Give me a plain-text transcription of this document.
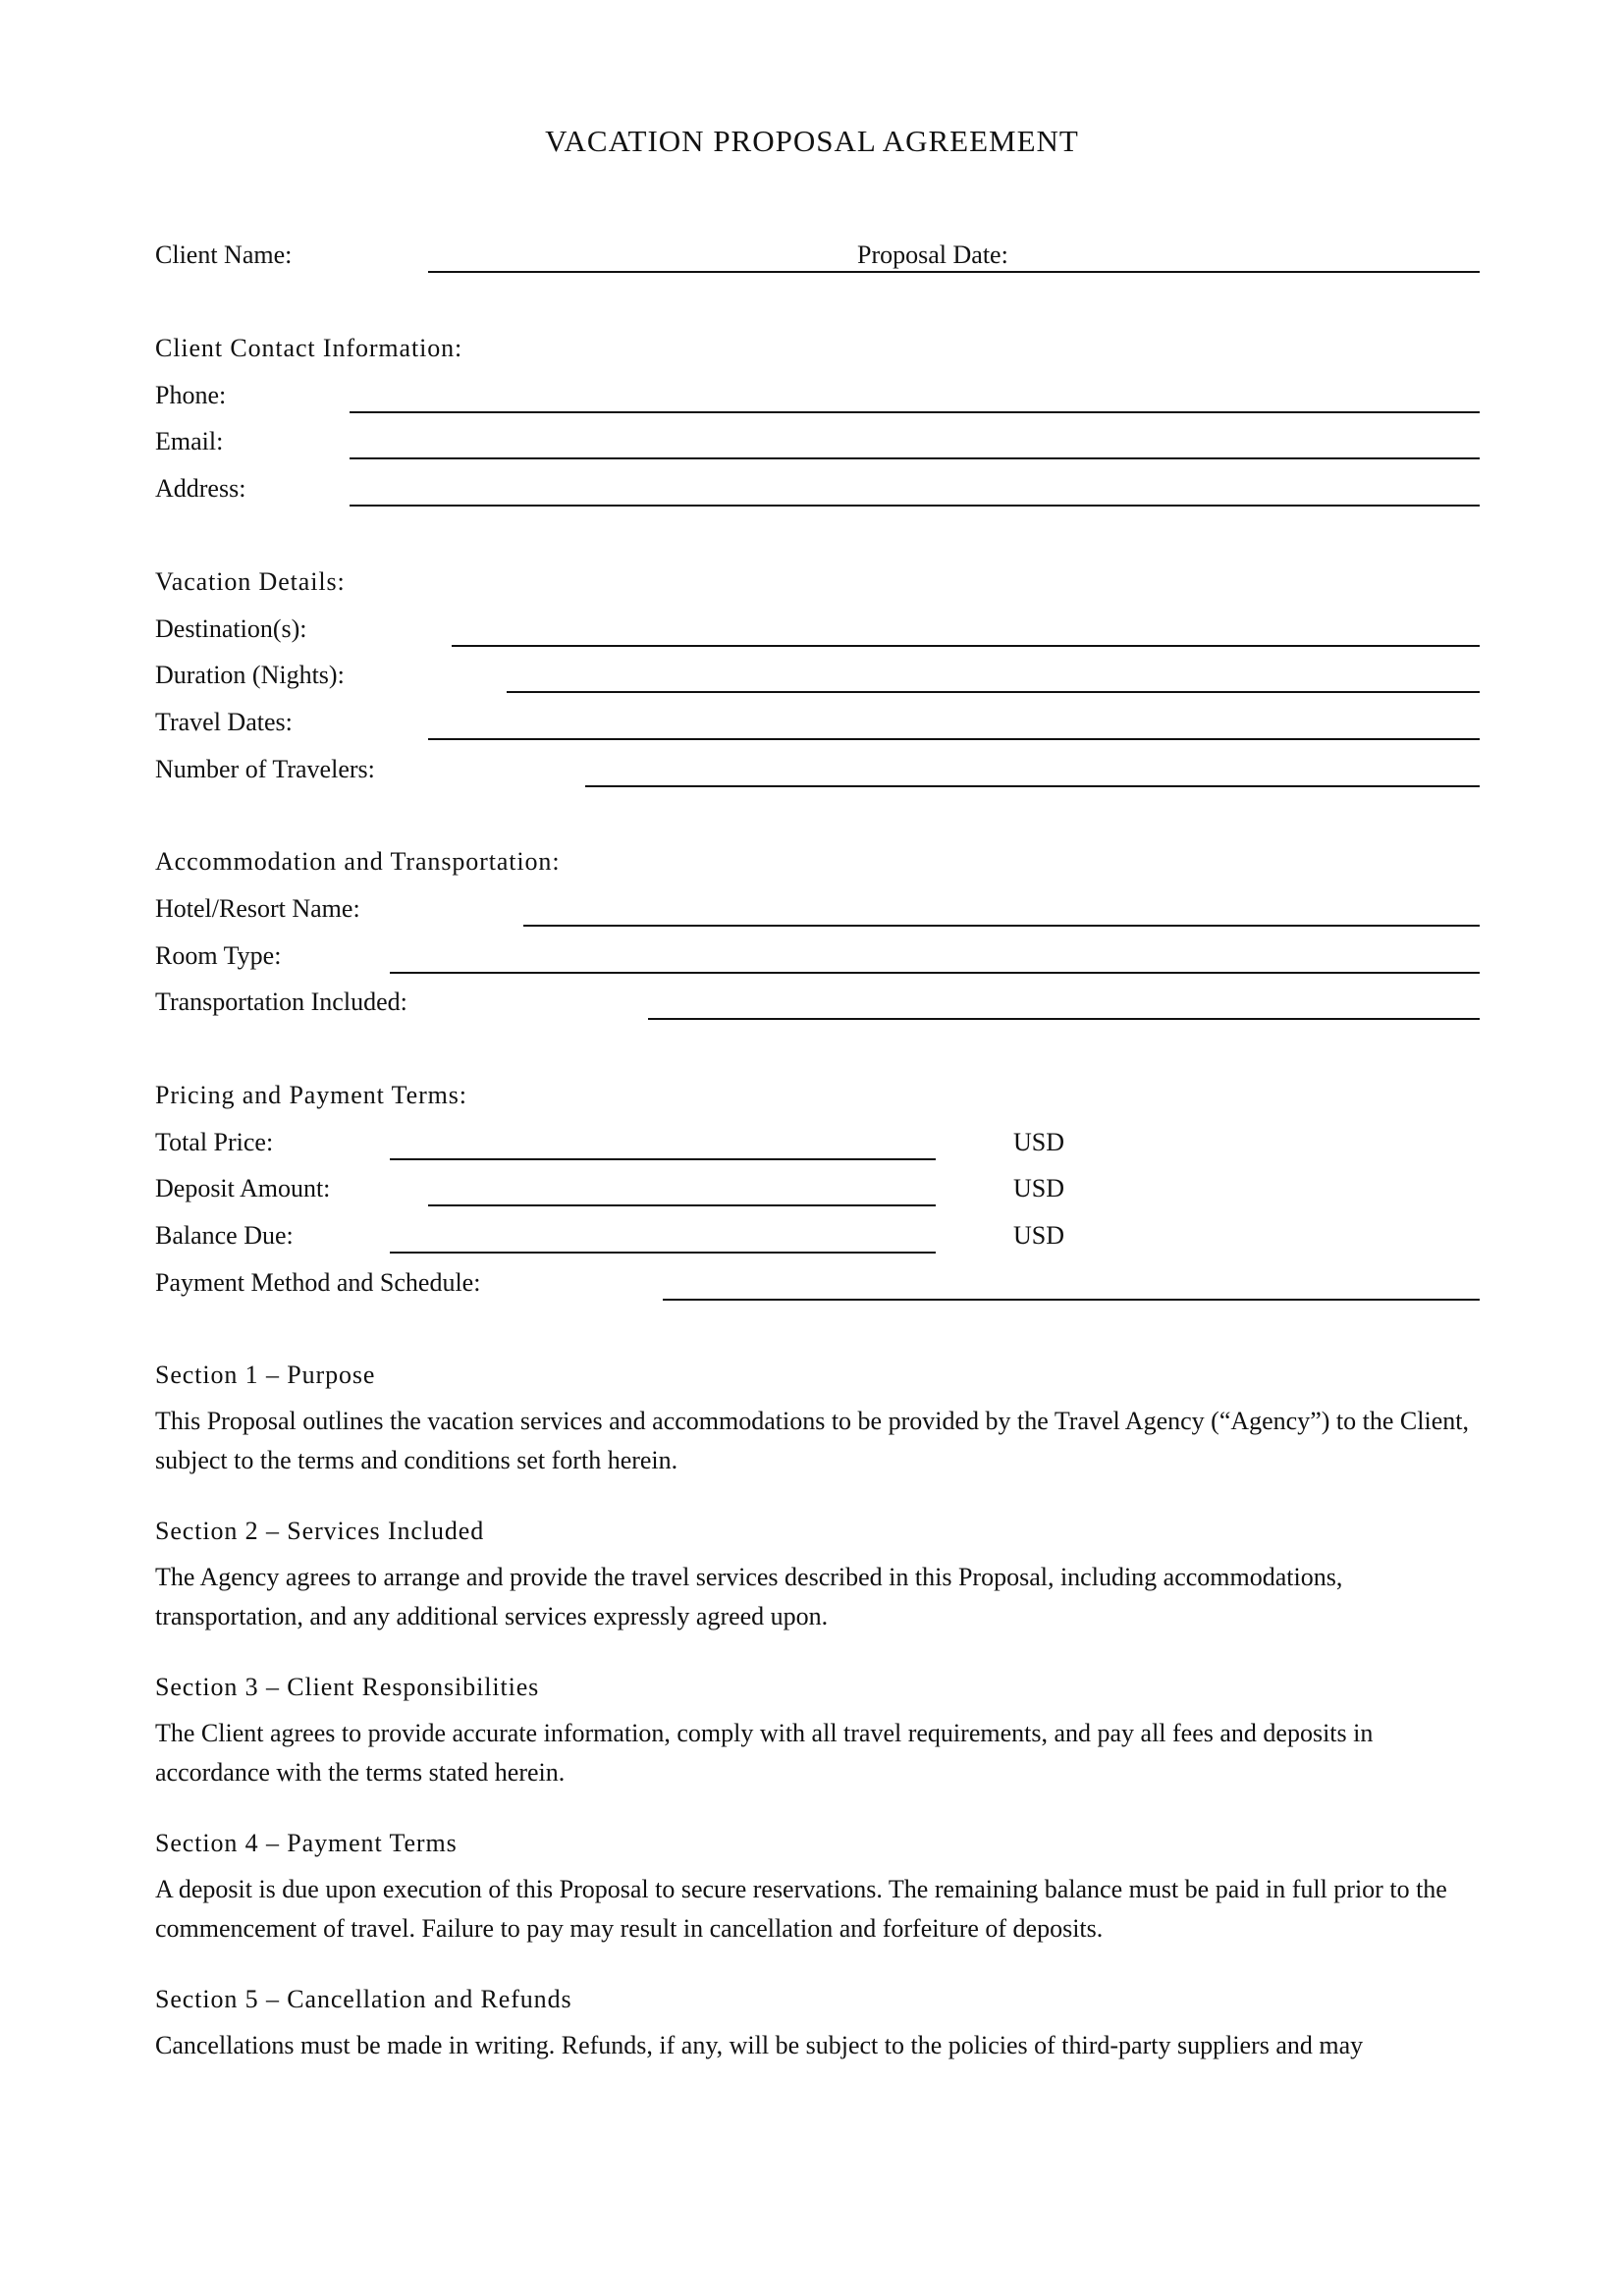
VACATION PROPOSAL AGREEMENT
Client Name:	Proposal Date:
Client Contact Information:
Phone:
Email:
Address:
Vacation Details:
Destination(s):
Duration (Nights):
Travel Dates:
Number of Travelers:
Accommodation and Transportation:
Hotel/Resort Name:
Room Type:
Transportation Included:
Pricing and Payment Terms:
Total Price:	USD
Deposit Amount:	USD
Balance Due:	USD
Payment Method and Schedule:
Section 1 – Purpose
This Proposal outlines the vacation services and accommodations to be provided by the Travel Agency (“Agency”) to the Client, subject to the terms and conditions set forth herein.
Section 2 – Services Included
The Agency agrees to arrange and provide the travel services described in this Proposal, including accommodations, transportation, and any additional services expressly agreed upon.
Section 3 – Client Responsibilities
The Client agrees to provide accurate information, comply with all travel requirements, and pay all fees and deposits in accordance with the terms stated herein.
Section 4 – Payment Terms
A deposit is due upon execution of this Proposal to secure reservations. The remaining balance must be paid in full prior to the commencement of travel. Failure to pay may result in cancellation and forfeiture of deposits.
Section 5 – Cancellation and Refunds
Cancellations must be made in writing. Refunds, if any, will be subject to the policies of third-party suppliers and may
